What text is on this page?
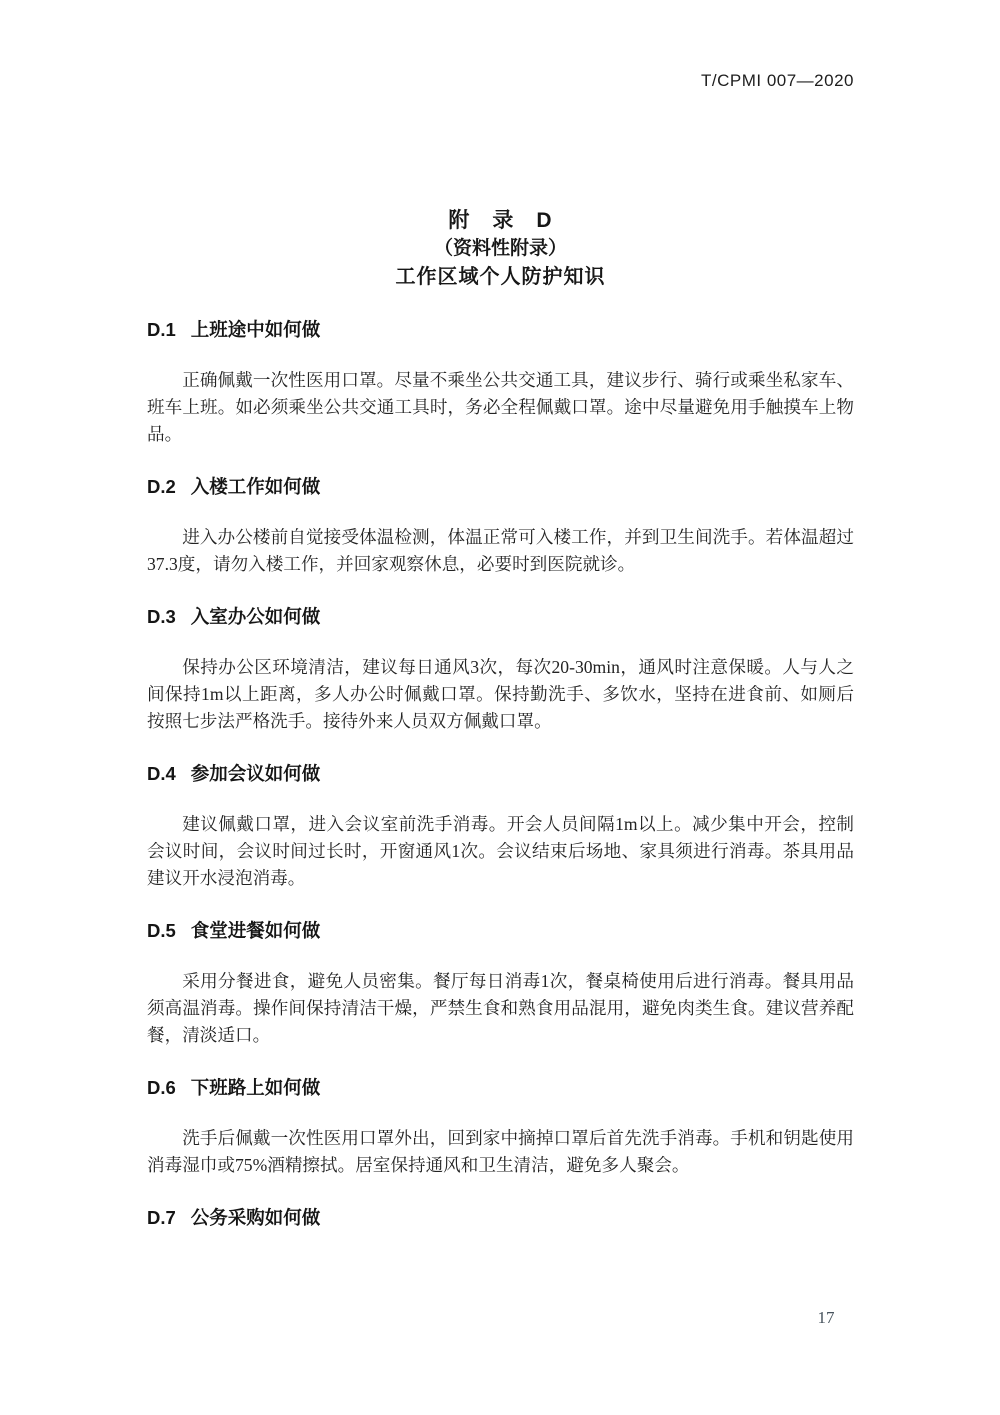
T/CPMI 007—2020
附　录　D
（资料性附录）
工作区域个人防护知识
D.1 上班途中如何做

正确佩戴一次性医用口罩。尽量不乘坐公共交通工具，建议步行、骑行或乘坐私家车、班车上班。如必须乘坐公共交通工具时，务必全程佩戴口罩。途中尽量避免用手触摸车上物品。

D.2 入楼工作如何做

进入办公楼前自觉接受体温检测，体温正常可入楼工作，并到卫生间洗手。若体温超过37.3度，请勿入楼工作，并回家观察休息，必要时到医院就诊。

D.3 入室办公如何做

保持办公区环境清洁，建议每日通风3次，每次20-30min，通风时注意保暖。人与人之间保持1m以上距离，多人办公时佩戴口罩。保持勤洗手、多饮水，坚持在进食前、如厕后按照七步法严格洗手。接待外来人员双方佩戴口罩。

D.4 参加会议如何做

建议佩戴口罩，进入会议室前洗手消毒。开会人员间隔1m以上。减少集中开会，控制会议时间，会议时间过长时，开窗通风1次。会议结束后场地、家具须进行消毒。茶具用品建议开水浸泡消毒。

D.5 食堂进餐如何做

采用分餐进食，避免人员密集。餐厅每日消毒1次，餐桌椅使用后进行消毒。餐具用品须高温消毒。操作间保持清洁干燥，严禁生食和熟食用品混用，避免肉类生食。建议营养配餐，清淡适口。

D.6 下班路上如何做

洗手后佩戴一次性医用口罩外出，回到家中摘掉口罩后首先洗手消毒。手机和钥匙使用消毒湿巾或75%酒精擦拭。居室保持通风和卫生清洁，避免多人聚会。

D.7 公务采购如何做
17
